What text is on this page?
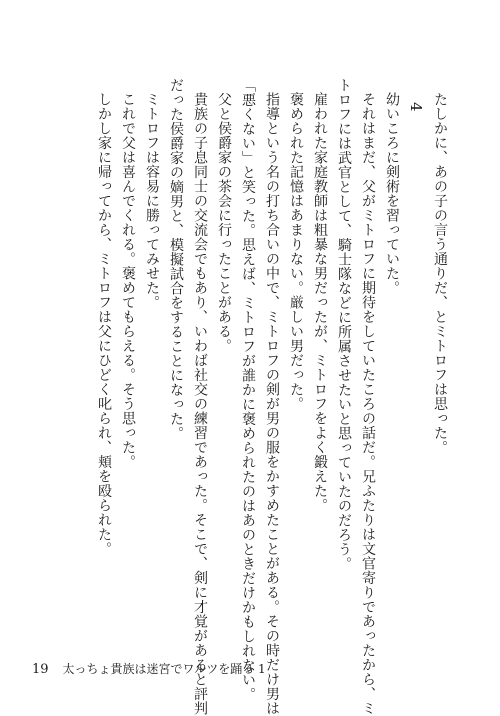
たしかに、あの子の言う通りだ、とミトロフは思った。
4
幼いころに剣術を習っていた。
それはまだ、父がミトロフに期待をしていたころの話だ。兄ふたりは文官寄りであったから、ミ
トロフには武官として、騎士隊などに所属させたいと思っていたのだろう。
雇われた家庭教師は粗暴な男だったが、ミトロフをよく鍛えた。
褒められた記憶はあまりない。厳しい男だった。
指導という名の打ち合いの中で、ミトロフの剣が男の服をかすめたことがある。その時だけ男は
「悪くない」と笑った。思えば、ミトロフが誰かに褒められたのはあのときだけかもしれない。
父と侯爵家の茶会に行ったことがある。
貴族の子息同士の交流会でもあり、いわば社交の練習であった。そこで、剣に才覚があると評判
だった侯爵家の嫡男と、模擬試合をすることになった。
ミトロフは容易に勝ってみせた。
これで父は喜んでくれる。褒めてもらえる。そう思った。
しかし家に帰ってから、ミトロフは父にひどく叱られ、頬を殴られた。
19 太っちょ貴族は迷宮でワルツを踊る 1
